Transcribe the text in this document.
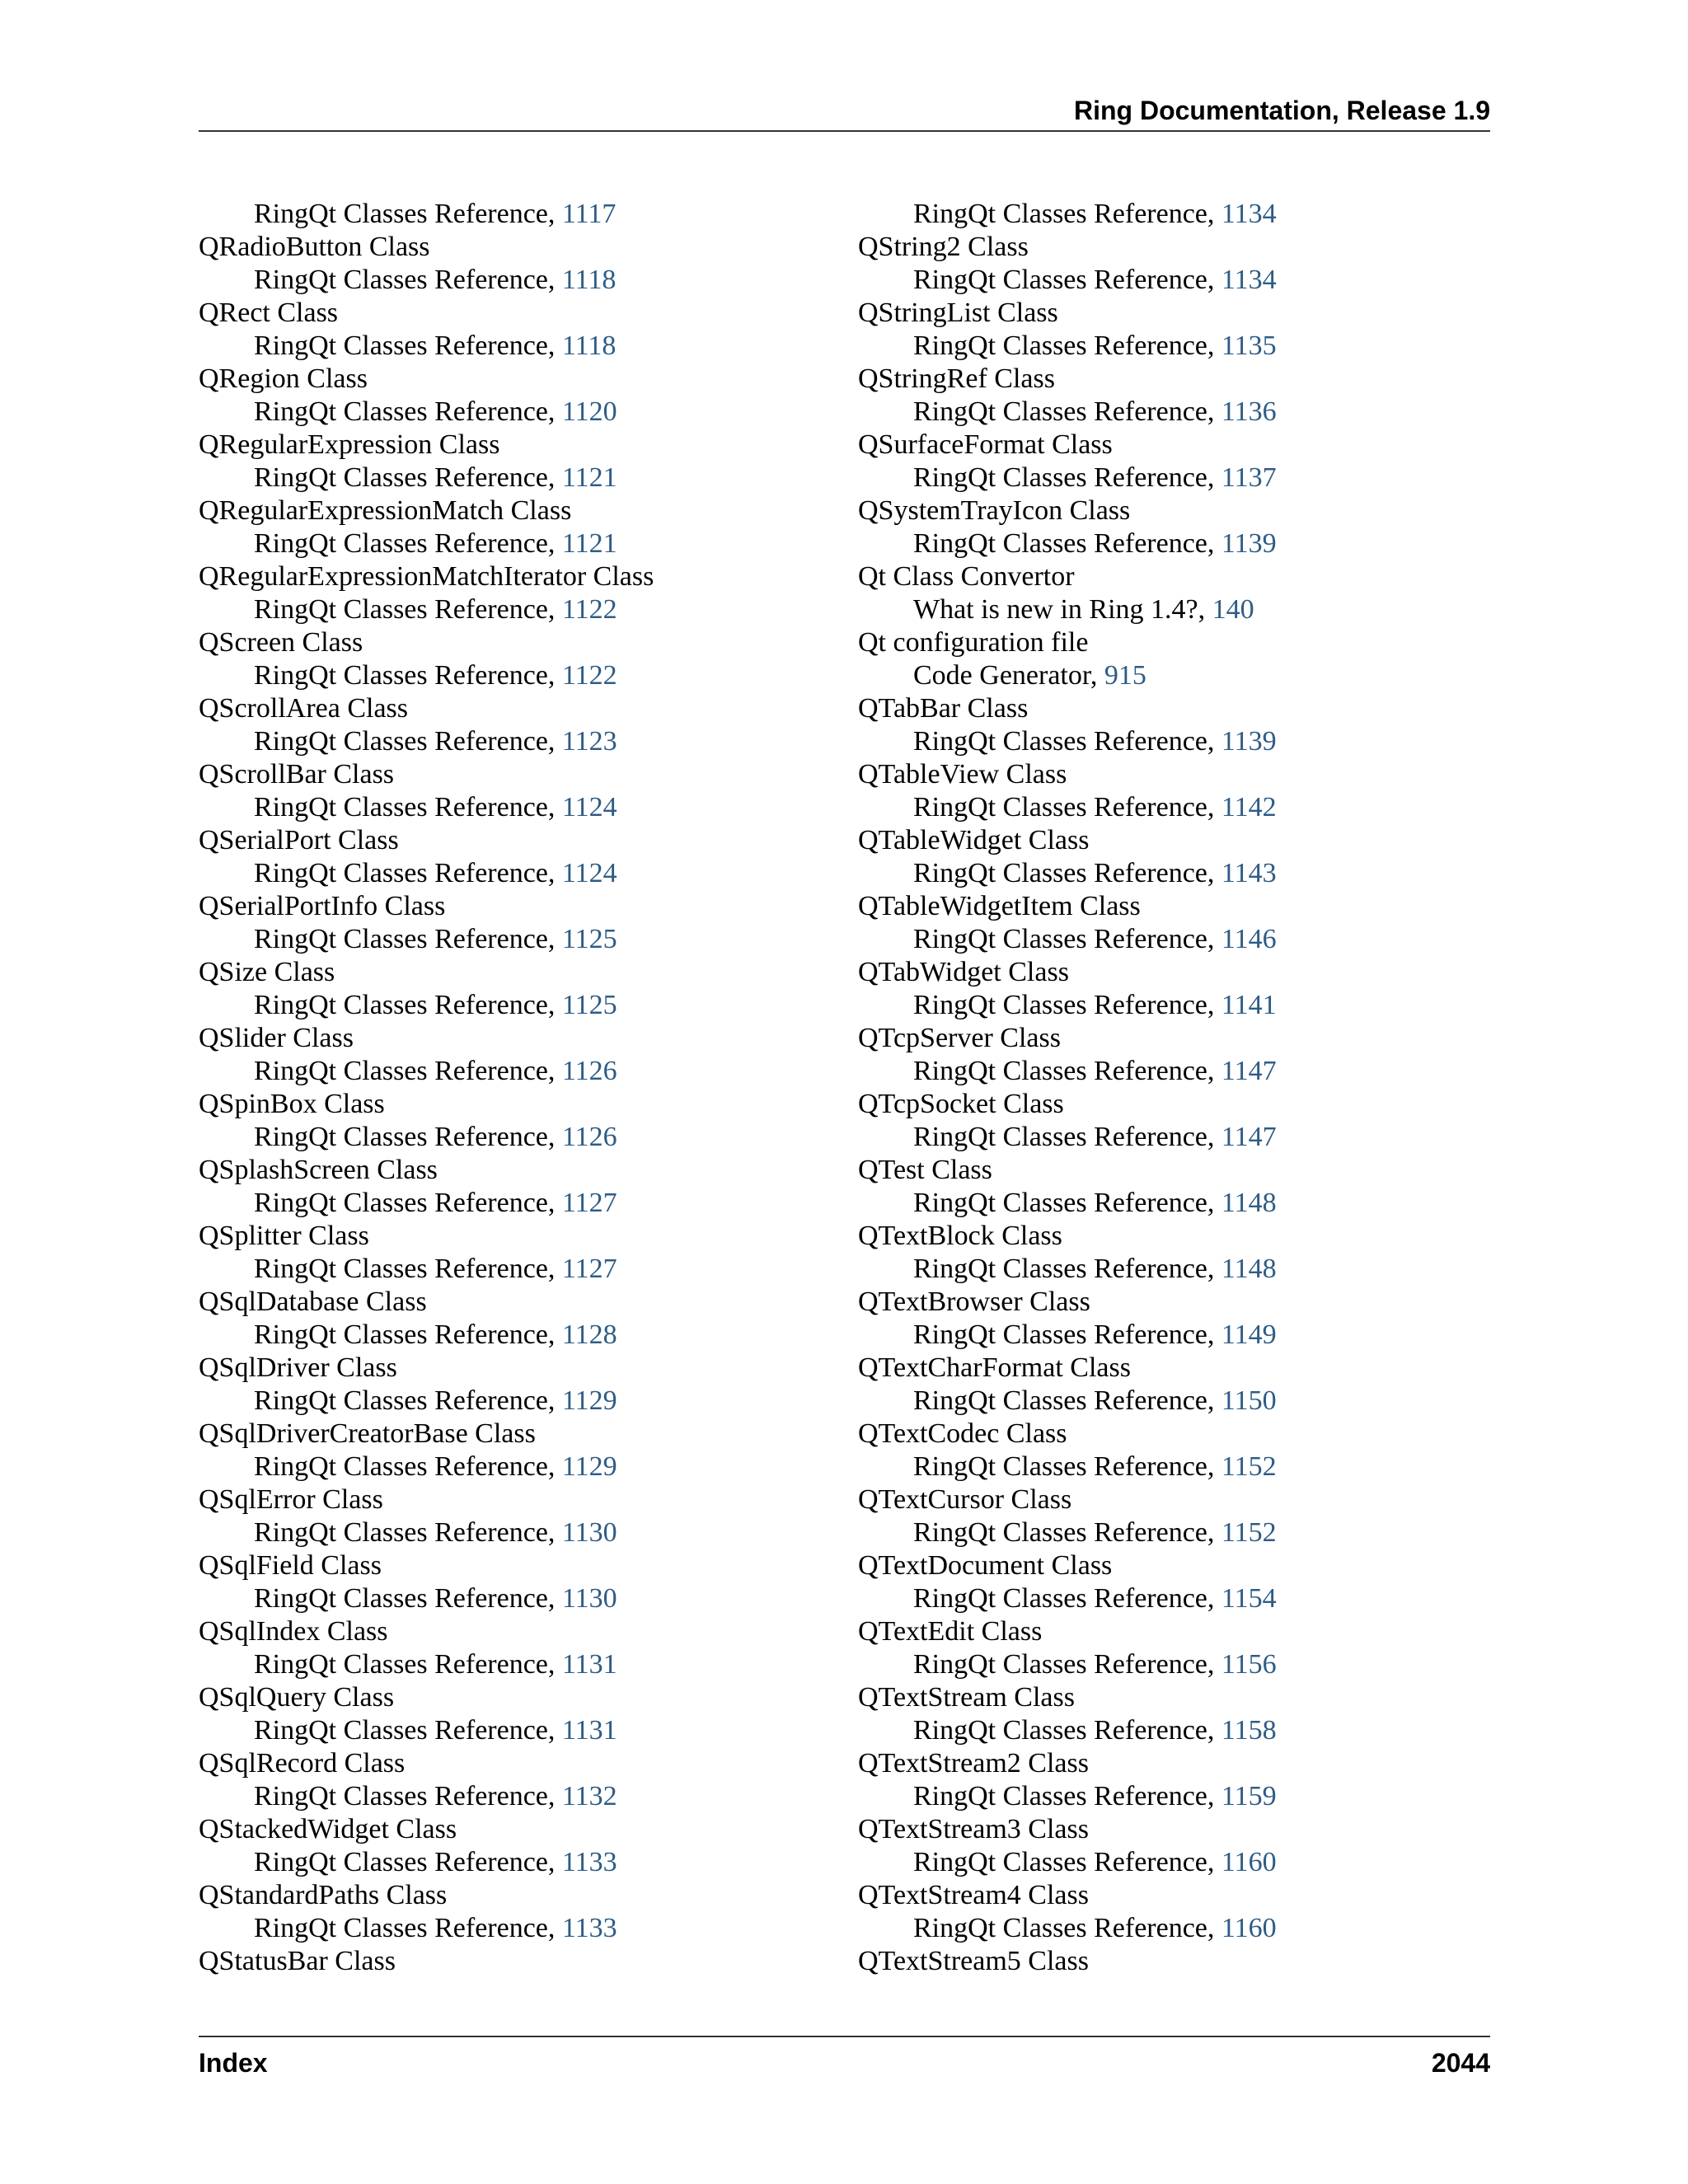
Ring Documentation, Release 1.9
RingQt Classes Reference, 1117
QRadioButton Class
RingQt Classes Reference, 1118
QRect Class
RingQt Classes Reference, 1118
QRegion Class
RingQt Classes Reference, 1120
QRegularExpression Class
RingQt Classes Reference, 1121
QRegularExpressionMatch Class
RingQt Classes Reference, 1121
QRegularExpressionMatchIterator Class
RingQt Classes Reference, 1122
QScreen Class
RingQt Classes Reference, 1122
QScrollArea Class
RingQt Classes Reference, 1123
QScrollBar Class
RingQt Classes Reference, 1124
QSerialPort Class
RingQt Classes Reference, 1124
QSerialPortInfo Class
RingQt Classes Reference, 1125
QSize Class
RingQt Classes Reference, 1125
QSlider Class
RingQt Classes Reference, 1126
QSpinBox Class
RingQt Classes Reference, 1126
QSplashScreen Class
RingQt Classes Reference, 1127
QSplitter Class
RingQt Classes Reference, 1127
QSqlDatabase Class
RingQt Classes Reference, 1128
QSqlDriver Class
RingQt Classes Reference, 1129
QSqlDriverCreatorBase Class
RingQt Classes Reference, 1129
QSqlError Class
RingQt Classes Reference, 1130
QSqlField Class
RingQt Classes Reference, 1130
QSqlIndex Class
RingQt Classes Reference, 1131
QSqlQuery Class
RingQt Classes Reference, 1131
QSqlRecord Class
RingQt Classes Reference, 1132
QStackedWidget Class
RingQt Classes Reference, 1133
QStandardPaths Class
RingQt Classes Reference, 1133
QStatusBar Class
RingQt Classes Reference, 1134
QString2 Class
RingQt Classes Reference, 1134
QStringList Class
RingQt Classes Reference, 1135
QStringRef Class
RingQt Classes Reference, 1136
QSurfaceFormat Class
RingQt Classes Reference, 1137
QSystemTrayIcon Class
RingQt Classes Reference, 1139
Qt Class Convertor
What is new in Ring 1.4?, 140
Qt configuration file
Code Generator, 915
QTabBar Class
RingQt Classes Reference, 1139
QTableView Class
RingQt Classes Reference, 1142
QTableWidget Class
RingQt Classes Reference, 1143
QTableWidgetItem Class
RingQt Classes Reference, 1146
QTabWidget Class
RingQt Classes Reference, 1141
QTcpServer Class
RingQt Classes Reference, 1147
QTcpSocket Class
RingQt Classes Reference, 1147
QTest Class
RingQt Classes Reference, 1148
QTextBlock Class
RingQt Classes Reference, 1148
QTextBrowser Class
RingQt Classes Reference, 1149
QTextCharFormat Class
RingQt Classes Reference, 1150
QTextCodec Class
RingQt Classes Reference, 1152
QTextCursor Class
RingQt Classes Reference, 1152
QTextDocument Class
RingQt Classes Reference, 1154
QTextEdit Class
RingQt Classes Reference, 1156
QTextStream Class
RingQt Classes Reference, 1158
QTextStream2 Class
RingQt Classes Reference, 1159
QTextStream3 Class
RingQt Classes Reference, 1160
QTextStream4 Class
RingQt Classes Reference, 1160
QTextStream5 Class
Index	2044
